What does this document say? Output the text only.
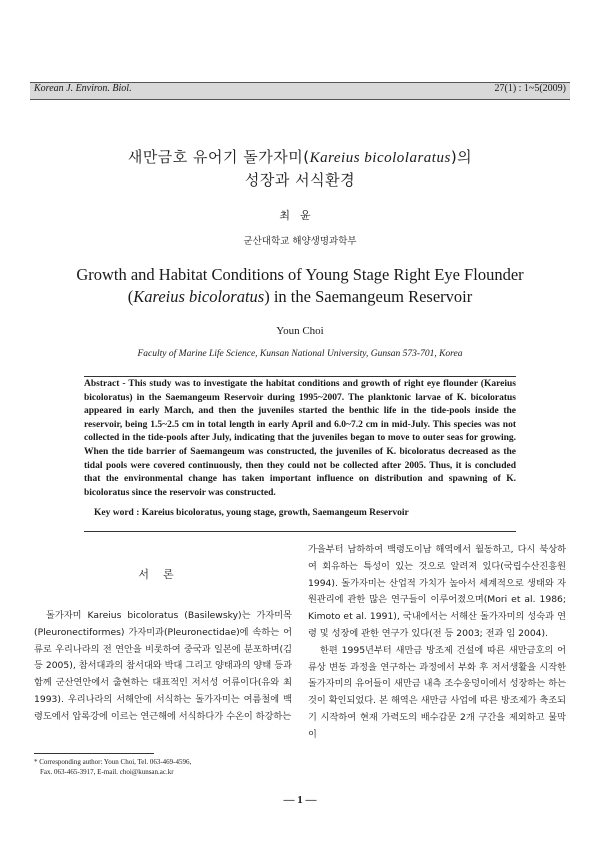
Korean J. Environ. Biol.	27(1) : 1~5(2009)
새만금호 유어기 돌가자미(Kareius bicololaratus)의
성장과 서식환경
최윤
군산대학교 해양생명과학부
Growth and Habitat Conditions of Young Stage Right Eye Flounder
(Kareius bicoloratus) in the Saemangeum Reservoir
Youn Choi
Faculty of Marine Life Science, Kunsan National University, Gunsan 573-701, Korea
Abstract - This study was to investigate the habitat conditions and growth of right eye flounder (Kareius bicoloratus) in the Saemangeum Reservoir during 1995~2007. The planktonic larvae of K. bicoloratus appeared in early March, and then the juveniles started the benthic life in the tide-pools inside the reservoir, being 1.5~2.5 cm in total length in early April and 6.0~7.2 cm in mid-July. This species was not collected in the tide-pools after July, indicating that the juveniles began to move to outer seas for growing. When the tide barrier of Saemangeum was constructed, the juveniles of K. bicoloratus decreased as the tidal pools were covered continuously, then they could not be collected after 2005. Thus, it is concluded that the environmental change has taken important influence on distribution and spawning of K. bicoloratus since the reservoir was constructed.
Key word : Kareius bicoloratus, young stage, growth, Saemangeum Reservoir
서론

돌가자미 Kareius bicoloratus (Basilewsky)는 가자미목(Pleuronectiformes) 가자미과(Pleuronectidae)에 속하는 어류로 우리나라의 전 연안을 비롯하여 중국과 일본에 분포하며(김 등 2005), 참서대과의 참서대와 박대 그리고 양태과의 양태 등과 함께 군산연안에서 출현하는 대표적인 저서성 어류이다(유와 최 1993). 우리나라의 서해안에 서식하는 돌가자미는 여름철에 백령도에서 압록강에 이르는 연근해에 서식하다가 수온이 하강하는

가을부터 남하하여 백령도이남 해역에서 월동하고, 다시 북상하여 회유하는 특성이 있는 것으로 알려져 있다(국립수산진흥원 1994). 돌가자미는 산업적 가치가 높아서 세계적으로 생태와 자원관리에 관한 많은 연구들이 이루어졌으며(Mori et al. 1986; Kimoto et al. 1991), 국내에서는 서해산 돌가자미의 성숙과 연령 및 성장에 관한 연구가 있다(전 등 2003; 전과 임 2004).

한편 1995년부터 새만금 방조제 건설에 따른 새만금호의 어류상 변동 과정을 연구하는 과정에서 부화 후 저서생활을 시작한 돌가자미의 유어들이 새만금 내측 조수웅덩이에서 성장하는 하는 것이 확인되었다. 본 해역은 새만금 사업에 따른 방조제가 축조되기 시작하여 현재 가력도의 배수갑문 2개 구간을 제외하고 물막이

* Corresponding author: Youn Choi, Tel. 063-469-4596,
Fax. 063-465-3917, E-mail. choi@kunsan.ac.kr
— 1 —
